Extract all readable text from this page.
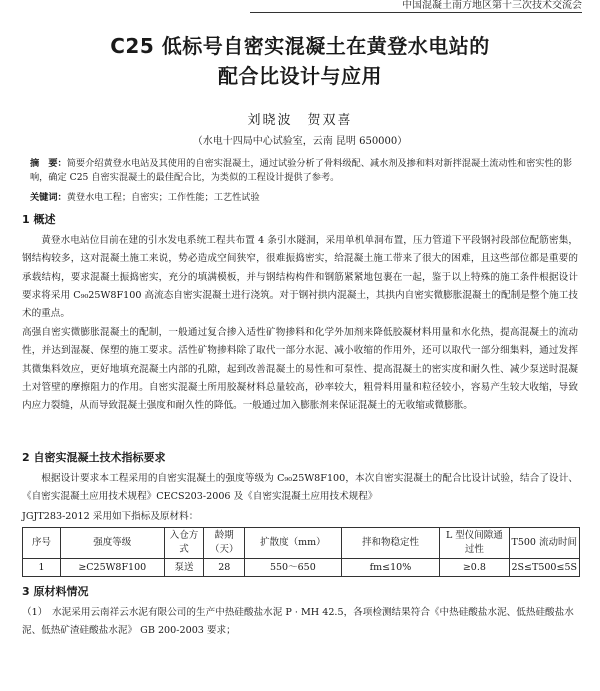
中国混凝土南方地区第十三次技术交流会
C25 低标号自密实混凝土在黄登水电站的
配合比设计与应用
刘晓波　贺双喜
（水电十四局中心试验室，云南 昆明 650000）
摘　要：简要介绍黄登水电站及其使用的自密实混凝土，通过试验分析了骨料级配、减水剂及掺和料对新拌混凝土流动性和密实性的影响，确定 C25 自密实混凝土的最佳配合比，为类似的工程设计提供了参考。
关键词：黄登水电工程；自密实；工作性能；工艺性试验
1 概述
黄登水电站位目前在建的引水发电系统工程共布置 4 条引水隧洞，采用单机单洞布置，压力管道下平段钢衬段部位配筋密集，钢结构较多，这对混凝土施工来说，势必造成空间狭窄，很难振捣密实，给混凝土施工带来了很大的困难，且这些部位都是重要的承载结构，要求混凝土振捣密实，充分的填满模板，并与钢结构构件和钢筋紧紧地包裹在一起，鉴于以上特殊的施工条件根据设计要求将采用 C₉₀25W8F100 高流态自密实混凝土进行浇筑。对于钢衬拱内混凝土，其拱内自密实微膨胀混凝土的配制是整个施工技术的重点。
高强自密实微膨胀混凝土的配制，一般通过复合掺入适性矿物掺料和化学外加剂来降低胶凝材料用量和水化热，提高混凝土的流动性，并达到湿凝、保塑的施工要求。活性矿物掺料除了取代一部分水泥、减小收缩的作用外，还可以取代一部分细集料，通过发挥其微集料效应，更好地填充混凝土内部的孔隙，起到改善混凝土的易性和可泵性、提高混凝土的密实度和耐久性、减少泵送时混凝土对管壁的摩擦阻力的作用。自密实混凝土所用胶凝材料总量较高，砂率较大，粗骨料用量和粒径较小，容易产生较大收缩，导致内应力裂缝，从而导致混凝土强度和耐久性的降低。一般通过加入膨胀剂来保证混凝土的无收缩或微膨胀。
2 自密实混凝土技术指标要求
根据设计要求本工程采用的自密实混凝土的强度等级为 C₉₀25W8F100，本次自密实混凝土的配合比设计试验，结合了设计、《自密实混凝土应用技术规程》CECS203-2006 及《自密实混凝土应用技术规程》
JGJT283-2012 采用如下指标及原材料：
序号	强度等级	入仓方式	龄期（天）	扩散度（mm）	拌和物稳定性	L 型仪间隙通过性	T500 流动时间
1	≥C25W8F100	泵送	28	550～650	fm≤10%	≥0.8	2S≤T500≤5S
3 原材料情况
（1）　水泥采用云南祥云水泥有限公司的生产中热硅酸盐水泥 P · MH 42.5，各项检测结果符合《中热硅酸盐水泥、低热硅酸盐水泥、低热矿渣硅酸盐水泥》 GB 200-2003 要求；
